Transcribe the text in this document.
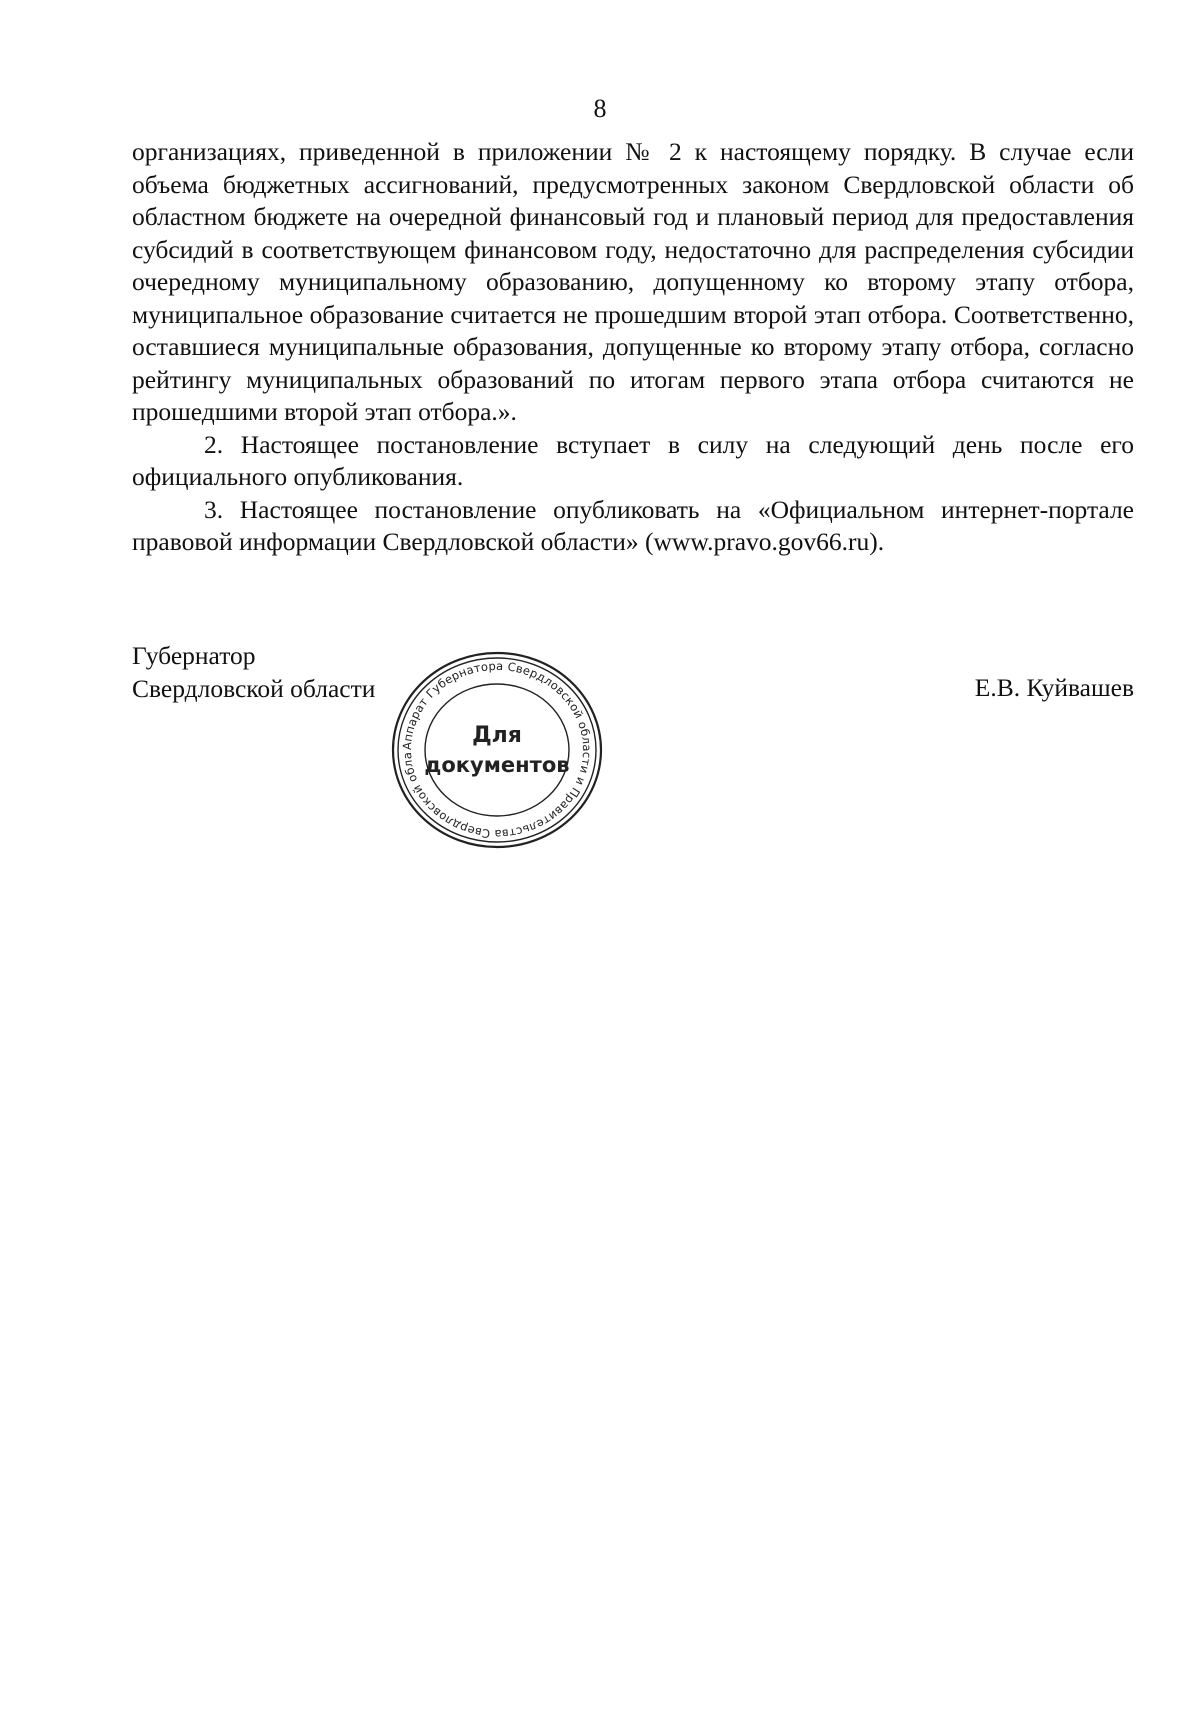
8

организациях, приведенной в приложении № 2 к настоящему порядку. В случае если объема бюджетных ассигнований, предусмотренных законом Свердловской области об областном бюджете на очередной финансовый год и плановый период для предоставления субсидий в соответствующем финансовом году, недостаточно для распределения субсидии очередному муниципальному образованию, допущенному ко второму этапу отбора, муниципальное образование считается не прошедшим второй этап отбора. Соответственно, оставшиеся муниципальные образования, допущенные ко второму этапу отбора, согласно рейтингу муниципальных образований по итогам первого этапа отбора считаются не прошедшими второй этап отбора.».

2. Настоящее постановление вступает в силу на следующий день после его официального опубликования.

3. Настоящее постановление опубликовать на «Официальном интернет-портале правовой информации Свердловской области» (www.pravo.gov66.ru).

Губернатор
Свердловской области
Аппарат Губернатора Свердловской области и Правительства Свердловской обла
Для
документов
Е.В. Куйвашев
